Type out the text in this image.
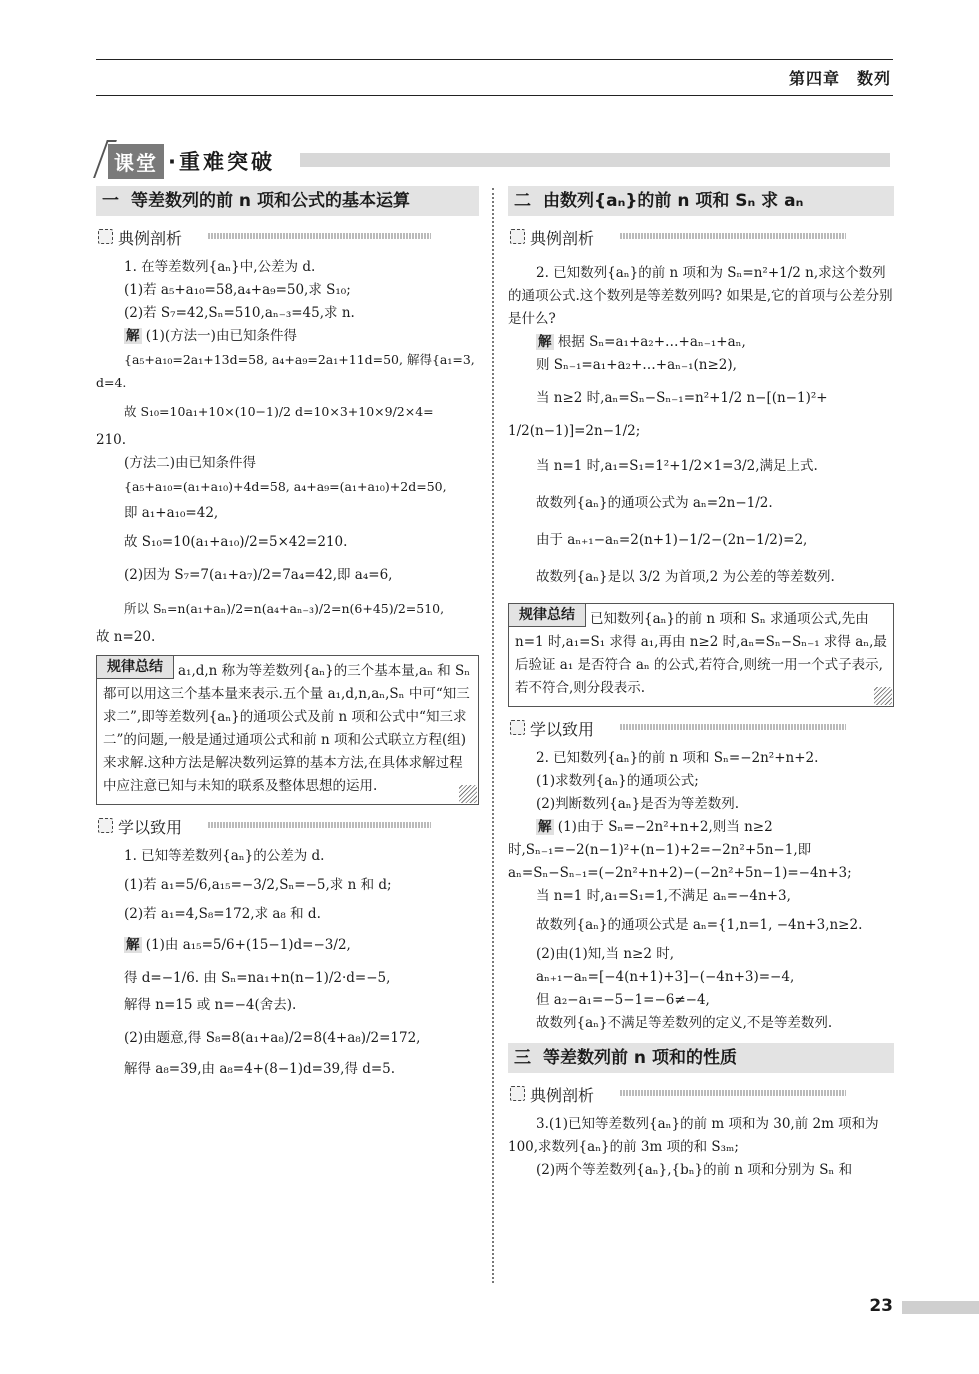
第四章　数列
课堂 ·重难突破
一 等差数列的前 n 项和公式的基本运算
典例剖析

1. 在等差数列{aₙ}中,公差为 d.

(1)若 a₅+a₁₀=58,a₄+a₉=50,求 S₁₀;

(2)若 S₇=42,Sₙ=510,aₙ₋₃=45,求 n.

解 (1)(方法一)由已知条件得

{a₅+a₁₀=2a₁+13d=58, a₄+a₉=2a₁+11d=50, 解得{a₁=3, d=4.

故 S₁₀=10a₁+10×(10−1)/2 d=10×3+10×9/2×4=

210.

(方法二)由已知条件得

{a₅+a₁₀=(a₁+a₁₀)+4d=58, a₄+a₉=(a₁+a₁₀)+2d=50,

即 a₁+a₁₀=42,

故 S₁₀=10(a₁+a₁₀)/2=5×42=210.

(2)因为 S₇=7(a₁+a₇)/2=7a₄=42,即 a₄=6,

所以 Sₙ=n(a₁+aₙ)/2=n(a₄+aₙ₋₃)/2=n(6+45)/2=510,

故 n=20.

规律总结	a₁,d,n 称为等差数列{aₙ}的三个基本量,aₙ 和 Sₙ 都可以用这三个基本量来表示.五个量 a₁,d,n,aₙ,Sₙ 中可“知三求二”,即等差数列{aₙ}的通项公式及前 n 项和公式中“知三求二”的问题,一般是通过通项公式和前 n 项和公式联立方程(组)来求解.这种方法是解决数列运算的基本方法,在具体求解过程中应注意已知与未知的联系及整体思想的运用.
学以致用

1. 已知等差数列{aₙ}的公差为 d.

(1)若 a₁=5/6,a₁₅=−3/2,Sₙ=−5,求 n 和 d;

(2)若 a₁=4,S₈=172,求 a₈ 和 d.

解 (1)由 a₁₅=5/6+(15−1)d=−3/2,

得 d=−1/6. 由 Sₙ=na₁+n(n−1)/2·d=−5,

解得 n=15 或 n=−4(舍去).

(2)由题意,得 S₈=8(a₁+a₈)/2=8(4+a₈)/2=172,

解得 a₈=39,由 a₈=4+(8−1)d=39,得 d=5.

二 由数列{aₙ}的前 n 项和 Sₙ 求 aₙ
典例剖析

2. 已知数列{aₙ}的前 n 项和为 Sₙ=n²+1/2 n,求这个数列的通项公式.这个数列是等差数列吗? 如果是,它的首项与公差分别是什么?

解 根据 Sₙ=a₁+a₂+…+aₙ₋₁+aₙ,

则 Sₙ₋₁=a₁+a₂+…+aₙ₋₁(n≥2),

当 n≥2 时,aₙ=Sₙ−Sₙ₋₁=n²+1/2 n−[(n−1)²+

1/2(n−1)]=2n−1/2;

当 n=1 时,a₁=S₁=1²+1/2×1=3/2,满足上式.

故数列{aₙ}的通项公式为 aₙ=2n−1/2.

由于 aₙ₊₁−aₙ=2(n+1)−1/2−(2n−1/2)=2,

故数列{aₙ}是以 3/2 为首项,2 为公差的等差数列.

规律总结	已知数列{aₙ}的前 n 项和 Sₙ 求通项公式,先由 n=1 时,a₁=S₁ 求得 a₁,再由 n≥2 时,aₙ=Sₙ−Sₙ₋₁ 求得 aₙ,最后验证 a₁ 是否符合 aₙ 的公式,若符合,则统一用一个式子表示,若不符合,则分段表示.
学以致用

2. 已知数列{aₙ}的前 n 项和 Sₙ=−2n²+n+2.

(1)求数列{aₙ}的通项公式;

(2)判断数列{aₙ}是否为等差数列.

解 (1)由于 Sₙ=−2n²+n+2,则当 n≥2 时,Sₙ₋₁=−2(n−1)²+(n−1)+2=−2n²+5n−1,即 aₙ=Sₙ−Sₙ₋₁=(−2n²+n+2)−(−2n²+5n−1)=−4n+3;

当 n=1 时,a₁=S₁=1,不满足 aₙ=−4n+3,

故数列{aₙ}的通项公式是 aₙ={1,n=1, −4n+3,n≥2.

(2)由(1)知,当 n≥2 时,

aₙ₊₁−aₙ=[−4(n+1)+3]−(−4n+3)=−4,

但 a₂−a₁=−5−1=−6≠−4,

故数列{aₙ}不满足等差数列的定义,不是等差数列.

三 等差数列前 n 项和的性质
典例剖析

3.(1)已知等差数列{aₙ}的前 m 项和为 30,前 2m 项和为 100,求数列{aₙ}的前 3m 项的和 S₃ₘ;

(2)两个等差数列{aₙ},{bₙ}的前 n 项和分别为 Sₙ 和

23
